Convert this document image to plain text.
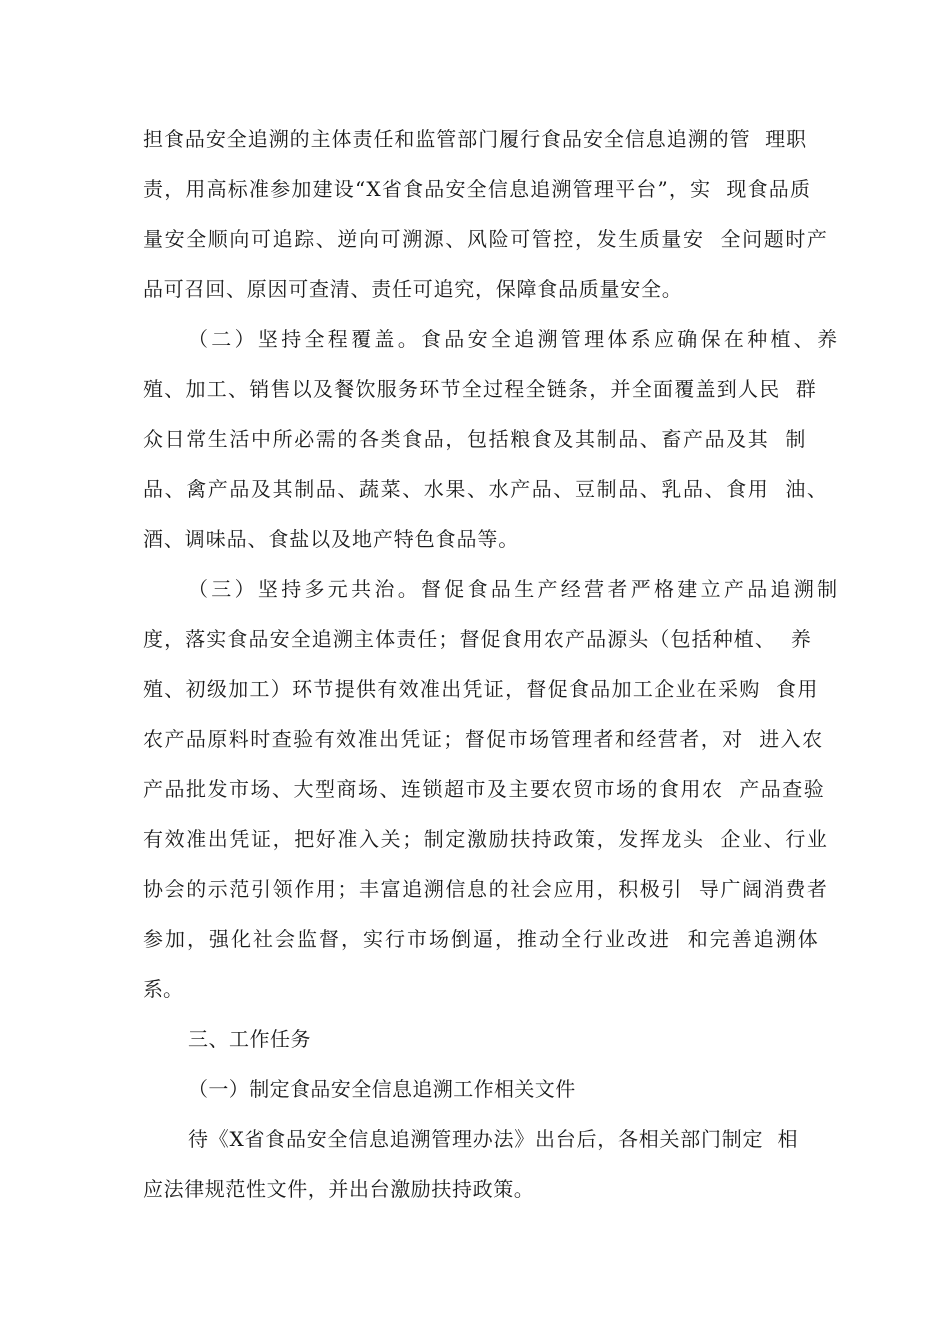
担食品安全追溯的主体责任和监管部门履行食品安全信息追溯的管  理职

责，用高标准参加建设“X省食品安全信息追溯管理平台”，实  现食品质

量安全顺向可追踪、逆向可溯源、风险可管控，发生质量安  全问题时产

品可召回、原因可查清、责任可追究，保障食品质量安全。

（二）坚持全程覆盖。食品安全追溯管理体系应确保在种植、养

殖、加工、销售以及餐饮服务环节全过程全链条，并全面覆盖到人民  群

众日常生活中所必需的各类食品，包括粮食及其制品、畜产品及其  制

品、禽产品及其制品、蔬菜、水果、水产品、豆制品、乳品、食用  油、

酒、调味品、食盐以及地产特色食品等。

（三）坚持多元共治。督促食品生产经营者严格建立产品追溯制

度，落实食品安全追溯主体责任；督促食用农产品源头（包括种植、  养

殖、初级加工）环节提供有效准出凭证，督促食品加工企业在采购  食用

农产品原料时查验有效准出凭证；督促市场管理者和经营者，对  进入农

产品批发市场、大型商场、连锁超市及主要农贸市场的食用农  产品查验

有效准出凭证，把好准入关；制定激励扶持政策，发挥龙头  企业、行业

协会的示范引领作用；丰富追溯信息的社会应用，积极引  导广阔消费者

参加，强化社会监督，实行市场倒逼，推动全行业改进  和完善追溯体

系。

三、工作任务

（一）制定食品安全信息追溯工作相关文件

待《X省食品安全信息追溯管理办法》出台后，各相关部门制定  相

应法律规范性文件，并出台激励扶持政策。
